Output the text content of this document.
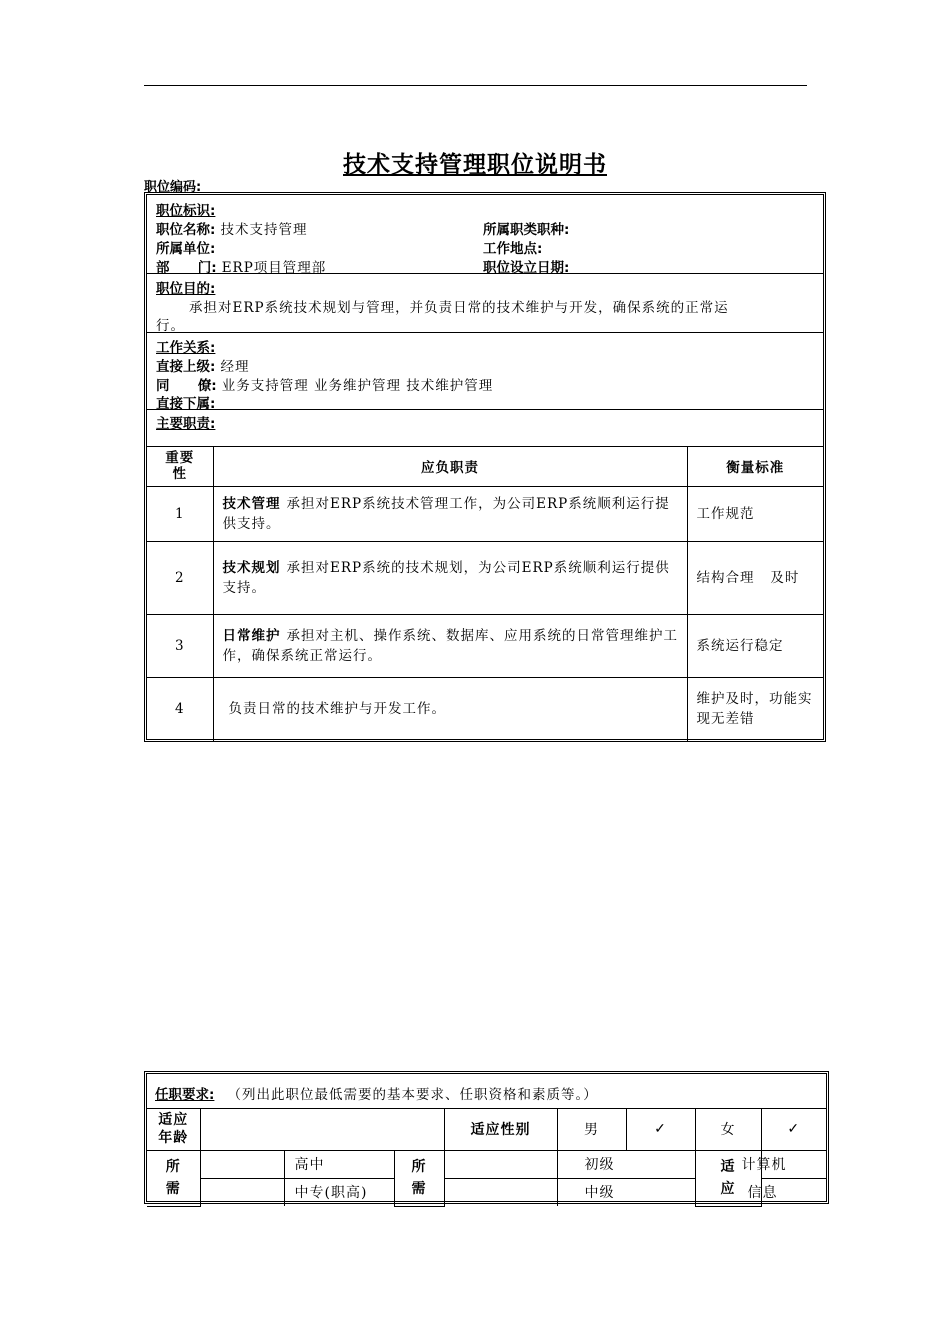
技术支持管理职位说明书
职位编码:
职位标识:
职位名称: 技术支持管理	所属职类职种:
所属单位:	工作地点:
部      门: ERP项目管理部	职位设立日期:
职位目的:
承担对ERP系统技术规划与管理，并负责日常的技术维护与开发，确保系统的正常运
行。
工作关系:
直接上级: 经理
同      僚: 业务支持管理 业务维护管理 技术维护管理
直接下属:
主要职责:
重要性	应负职责	衡量标准
1	技术管理 承担对ERP系统技术管理工作，为公司ERP系统顺利运行提供支持。	工作规范
2	技术规划 承担对ERP系统的技术规划，为公司ERP系统顺利运行提供支持。	结构合理   及时
3	日常维护 承担对主机、操作系统、数据库、应用系统的日常管理维护工作，确保系统正常运行。	系统运行稳定
4	负责日常的技术维护与开发工作。	维护及时，功能实现无差错
任职要求: （列出此职位最低需要的基本要求、任职资格和素质等。）
适应年龄				适应性别	男	✓	女	✓
所需		高中	所需		初级		适应	计算机
		中专(职高)			中级			信息
